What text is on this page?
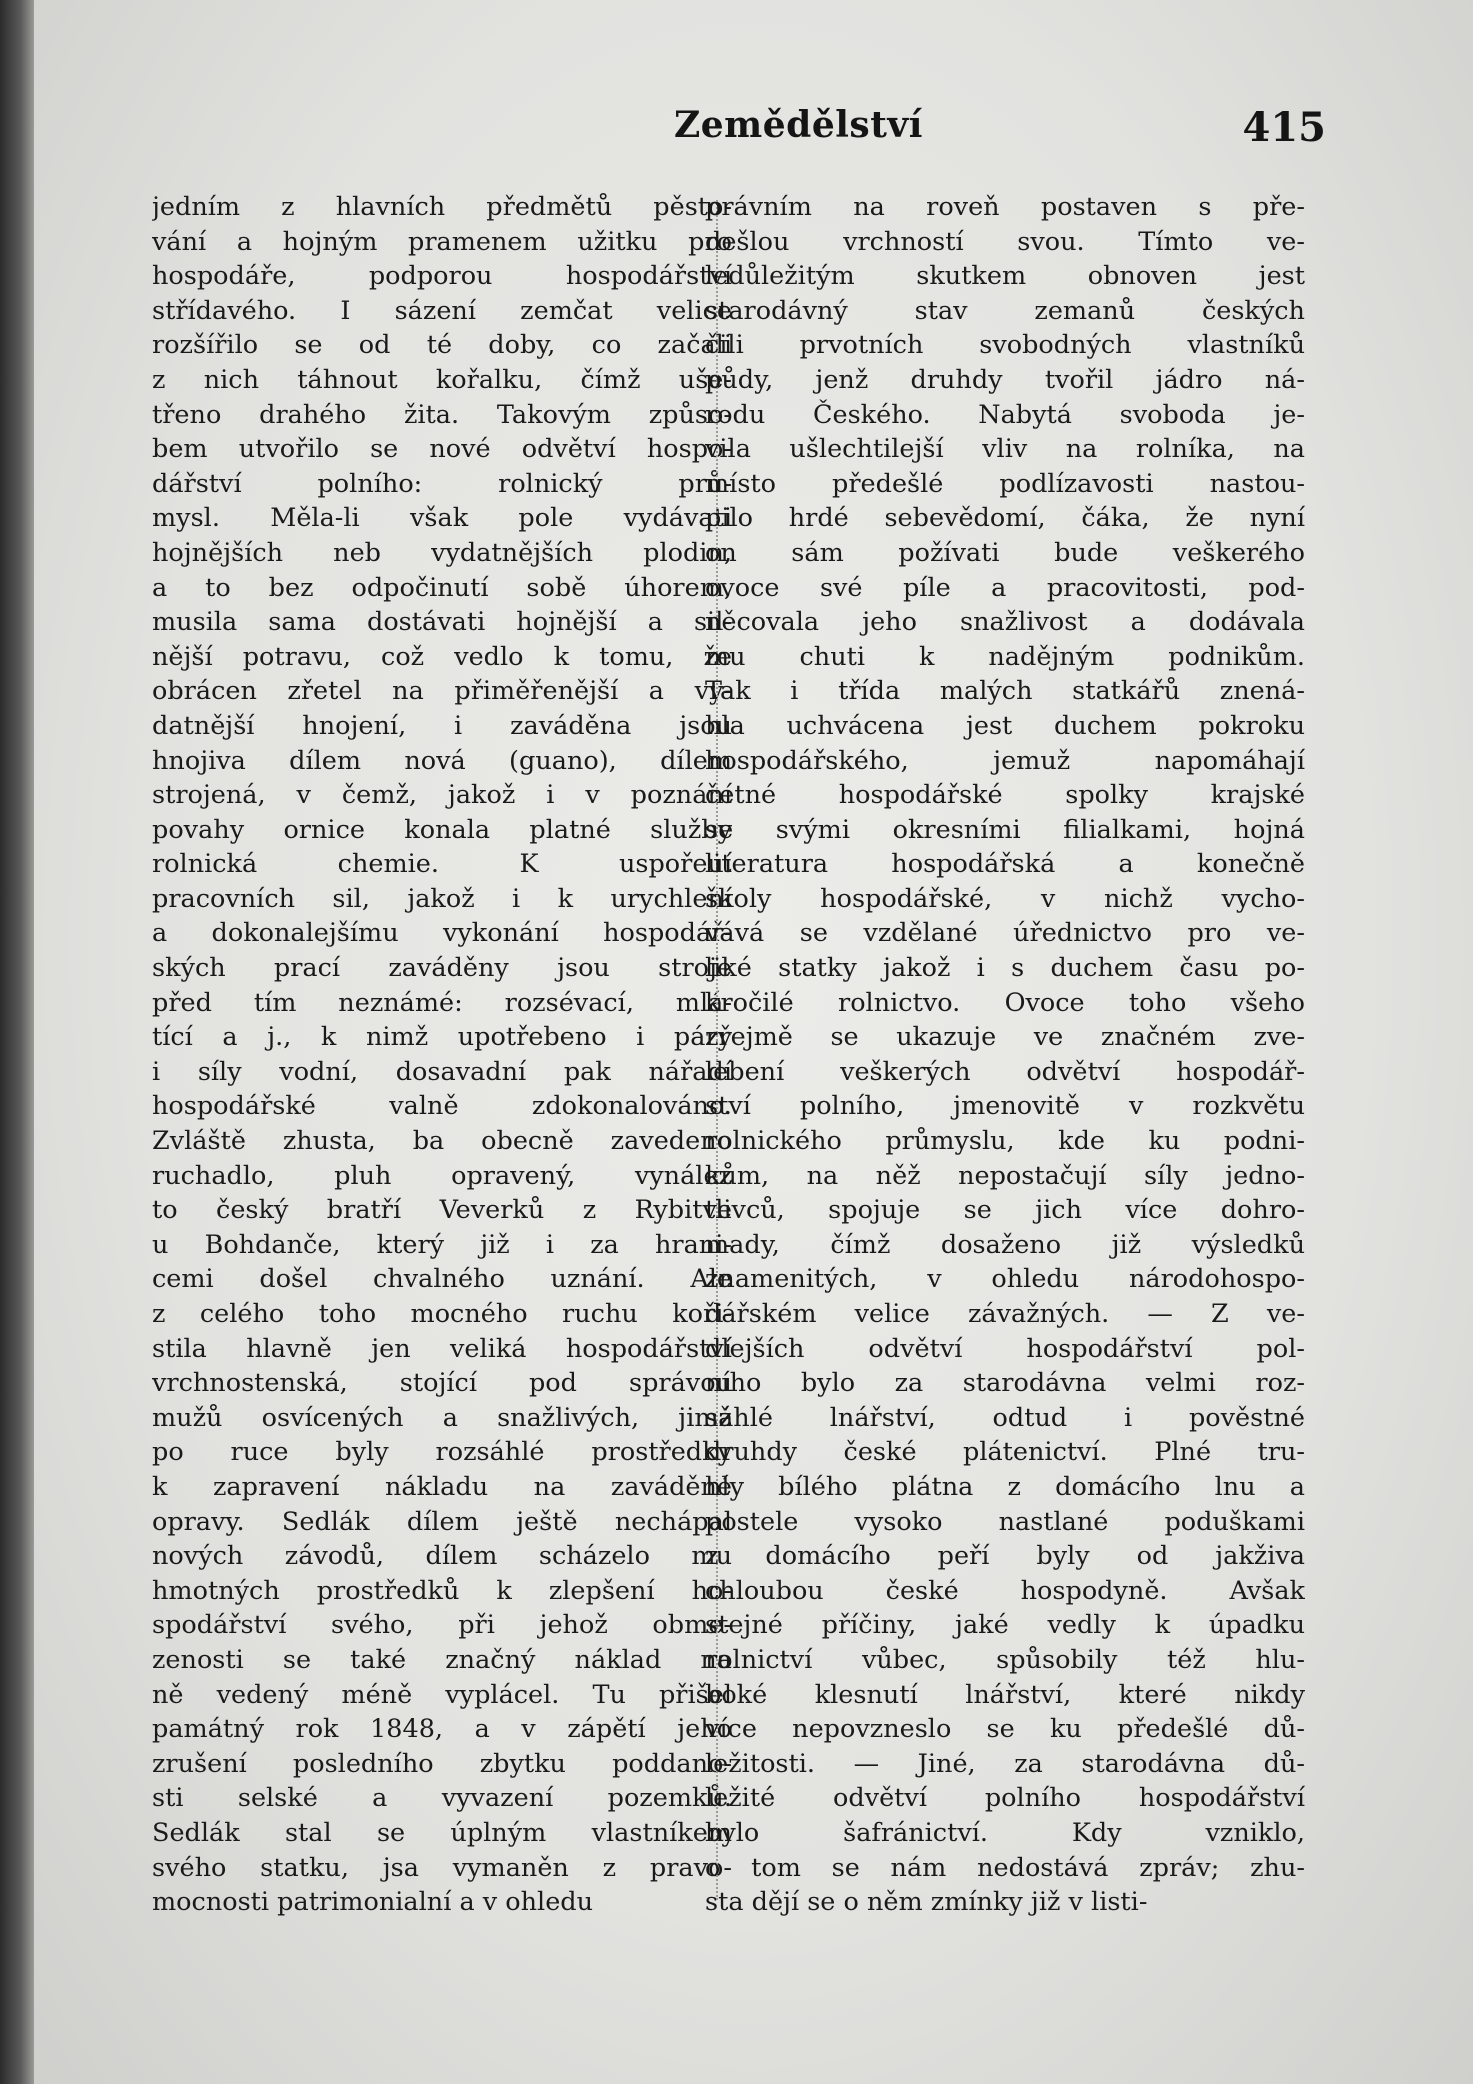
Zemědělství	415
jedním z hlavních předmětů pěsto-
vání a hojným pramenem užitku pro
hospodáře, podporou hospodářství
střídavého. I sázení zemčat velice
rozšířilo se od té doby, co začali
z nich táhnout kořalku, čímž uše-
třeno drahého žita. Takovým způso-
bem utvořilo se nové odvětví hospo-
dářství polního: rolnický prů-
mysl. Měla-li však pole vydávati
hojnějších neb vydatnějších plodin,
a to bez odpočinutí sobě úhorem,
musila sama dostávati hojnější a sil-
nější potravu, což vedlo k tomu, že
obrácen zřetel na přiměřenější a vy-
datnější hnojení, i zaváděna jsou
hnojiva dílem nová (guano), dílem
strojená, v čemž, jakož i v poznání
povahy ornice konala platné služby
rolnická chemie. K uspořeuí
pracovních sil, jakož i k urychlení
a dokonalejšímu vykonání hospodář-
ských prací zaváděny jsou stroje
před tím neznámé: rozsévací, mlá-
tící a j., k nimž upotřebeno i páry
i síly vodní, dosavadní pak nářadí
hospodářské valně zdokonalováno.
Zvláště zhusta, ba obecně zavedeno
ruchadlo, pluh opravený, vynález
to český bratří Veverků z Rybitve
u Bohdanče, který již i za hrani-
cemi došel chvalného uznání. Ale
z celého toho mocného ruchu koři-
stila hlavně jen veliká hospodářství
vrchnostenská, stojící pod správou
mužů osvícených a snažlivých, jimž
po ruce byly rozsáhlé prostředky
k zapravení nákladu na zaváděné
opravy. Sedlák dílem ještě nechápal
nových závodů, dílem scházelo mu
hmotných prostředků k zlepšení ho-
spodářství svého, při jehož obme-
zenosti se také značný náklad na
ně vedený méně vyplácel. Tu přišel
památný rok 1848, a v zápětí jeho
zrušení posledního zbytku poddano-
sti selské a vyvazení pozemků.
Sedlák stal se úplným vlastníkem
svého statku, jsa vymaněn z pravo-
mocnosti patrimonialní a v ohledu
právním na roveň postaven s pře-
dešlou vrchností svou. Tímto ve-
ledůležitým skutkem obnoven jest
starodávný stav zemanů českých
čili prvotních svobodných vlastníků
půdy, jenž druhdy tvořil jádro ná-
rodu Českého. Nabytá svoboda je-
vila ušlechtilejší vliv na rolníka, na
místo předešlé podlízavosti nastou-
pilo hrdé sebevědomí, čáka, že nyní
on sám požívati bude veškerého
ovoce své píle a pracovitosti, pod-
něcovala jeho snažlivost a dodávala
mu chuti k nadějným podnikům.
Tak i třída malých statkářů znená-
hla uchvácena jest duchem pokroku
hospodářského, jemuž napomáhají
četné hospodářské spolky krajské
se svými okresními filialkami, hojná
literatura hospodářská a konečně
školy hospodářské, v nichž vycho-
vává se vzdělané úřednictvo pro ve-
liké statky jakož i s duchem času po-
kročilé rolnictvo. Ovoce toho všeho
zřejmě se ukazuje ve značném zve-
lebení veškerých odvětví hospodář-
ství polního, jmenovitě v rozkvětu
rolnického průmyslu, kde ku podni-
kům, na něž nepostačují síly jedno-
tlivců, spojuje se jich více dohro-
mady, čímž dosaženo již výsledků
znamenitých, v ohledu národohospo-
dářském velice závažných. — Z ve-
dlejších odvětví hospodářství pol-
ního bylo za starodávna velmi roz-
sáhlé lnářství, odtud i pověstné
druhdy české plátenictví. Plné tru-
hly bílého plátna z domácího lnu a
postele vysoko nastlané poduškami
z domácího peří byly od jakživa
chloubou české hospodyně. Avšak
stejné příčiny, jaké vedly k úpadku
rolnictví vůbec, spůsobily též hlu-
boké klesnutí lnářství, které nikdy
více nepovzneslo se ku předešlé dů-
ležitosti. — Jiné, za starodávna dů-
ležité odvětví polního hospodářství
bylo šafránictví. Kdy vzniklo,
o tom se nám nedostává zpráv; zhu-
sta dějí se o něm zmínky již v listi-
